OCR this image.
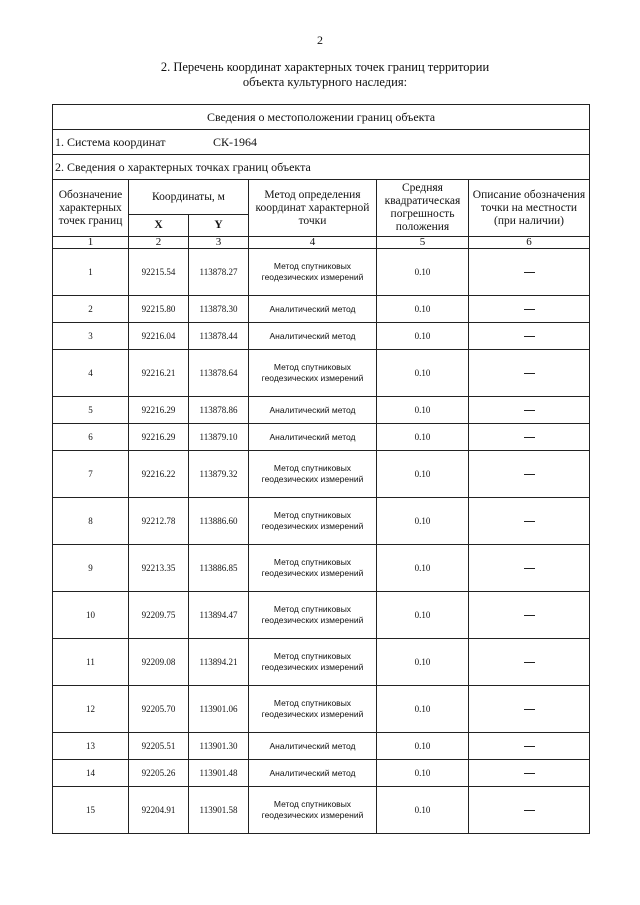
2
2. Перечень координат характерных точек границ территории
объекта культурного наследия:
Сведения о местоположении границ объекта					
1. Система координат СК-1964					
2. Сведения о характерных точках границ объекта					
Обозначение характерных точек границ	Координаты, м		Метод определения координат характерной точки	Средняя квадратическая погрешность положения	Описание обозначения точки на местности (при наличии)
	X	Y			
1	2	3	4	5	6
1	92215.54	113878.27	Метод спутниковых геодезических измерений	0.10	
2	92215.80	113878.30	Аналитический метод	0.10	
3	92216.04	113878.44	Аналитический метод	0.10	
4	92216.21	113878.64	Метод спутниковых геодезических измерений	0.10	
5	92216.29	113878.86	Аналитический метод	0.10	
6	92216.29	113879.10	Аналитический метод	0.10	
7	92216.22	113879.32	Метод спутниковых геодезических измерений	0.10	
8	92212.78	113886.60	Метод спутниковых геодезических измерений	0.10	
9	92213.35	113886.85	Метод спутниковых геодезических измерений	0.10	
10	92209.75	113894.47	Метод спутниковых геодезических измерений	0.10	
11	92209.08	113894.21	Метод спутниковых геодезических измерений	0.10	
12	92205.70	113901.06	Метод спутниковых геодезических измерений	0.10	
13	92205.51	113901.30	Аналитический метод	0.10	
14	92205.26	113901.48	Аналитический метод	0.10	
15	92204.91	113901.58	Метод спутниковых геодезических измерений	0.10	
